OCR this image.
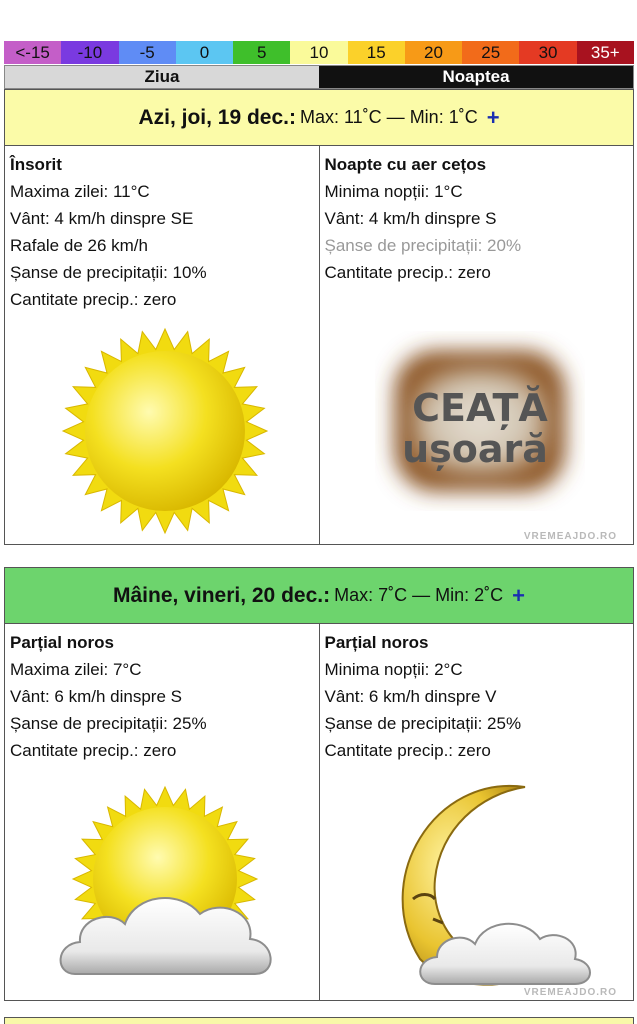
<-15	-10	-5	0	5	10	15	20	25	30	35+
Ziua	Noaptea
Azi, joi, 19 dec. : Max: 11˚C — Min: 1˚C +
Însorit
Maxima zilei: 11°C
Vânt: 4 km/h dinspre SE
Rafale de 26 km/h
Șanse de precipitații: 10%
Cantitate precip.: zero
Noapte cu aer cețos
Minima nopții: 1°C
Vânt: 4 km/h dinspre S
Șanse de precipitații: 20%
Cantitate precip.: zero
CEAȚĂ
ușoară
VREMEAJDO.RO
Mâine, vineri, 20 dec. : Max: 7˚C — Min: 2˚C +
Parțial noros
Maxima zilei: 7°C
Vânt: 6 km/h dinspre S
Șanse de precipitații: 25%
Cantitate precip.: zero
Parțial noros
Minima nopții: 2°C
Vânt: 6 km/h dinspre V
Șanse de precipitații: 25%
Cantitate precip.: zero
VREMEAJDO.RO
